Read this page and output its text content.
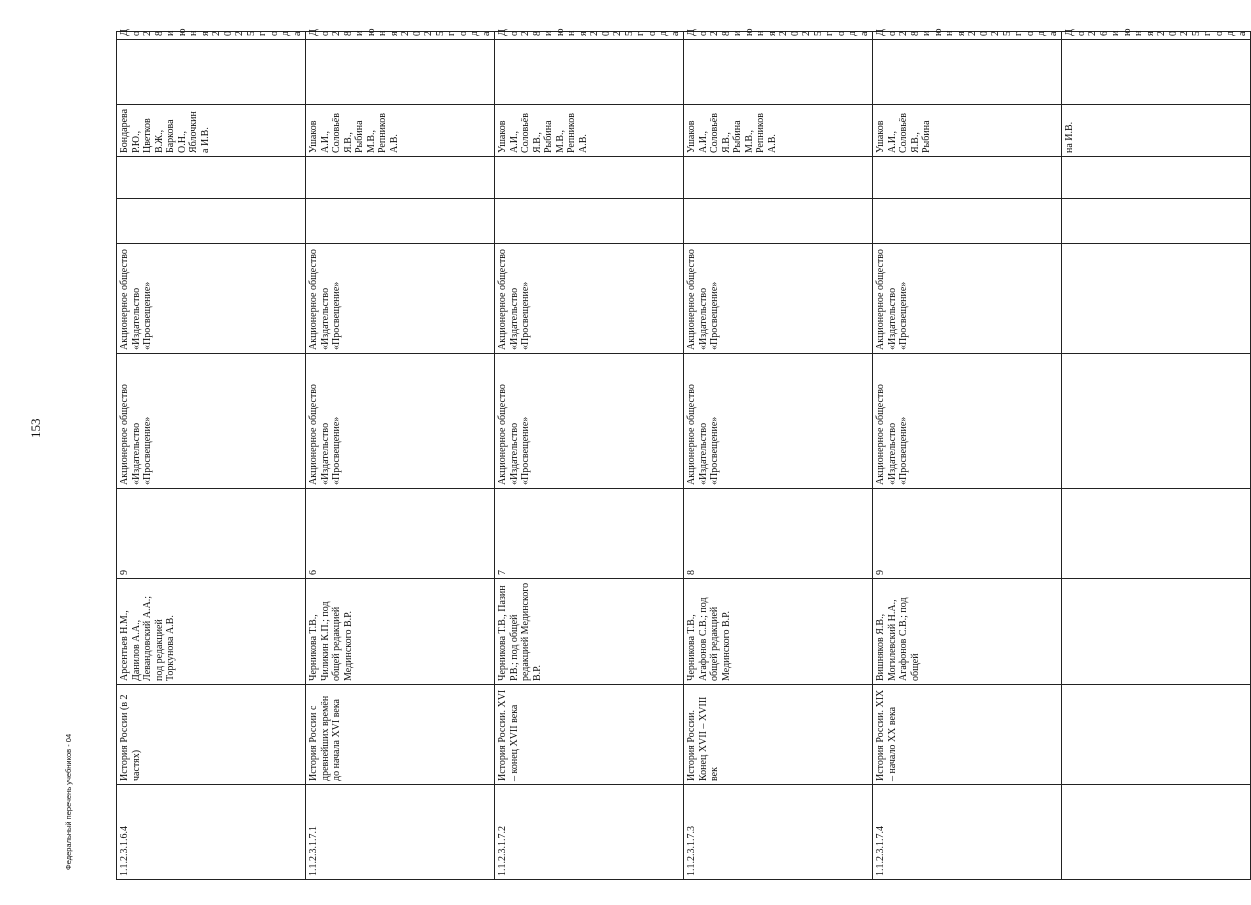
153
Федеральный перечень учебников - 04	1.1.2.3.1.6.4	История России (в 2 частях)	Арсентьев Н.М., Данилов А.А., Левандовский А.А.; под редакцией Торкунова А.В.	9	Акционерное общество «Издательство «Просвещение»	Акционерное общество «Издательство «Просвещение»			Бондарева Р.Ю., Цветков В.Ж., Баркова О.Н., Яблочкина И.В.		До 28 июня 2025 года
1.1.2.3.1.7.1	История России с древнейших времён до начала XVI века	Черникова Т.В., Чиликин К.П.; под общей редакцией Мединского В.Р.	6	Акционерное общество «Издательство «Просвещение»	Акционерное общество «Издательство «Просвещение»			Ушаков А.И., Соловьёв Я.В., Рыбина М.В., Репников А.В.		До 28 июня 2025 года
1.1.2.3.1.7.2	История России. XVI – конец XVII века	Черникова Т.В., Пазин Р.В.; под общей редакцией Мединского В.Р.	7	Акционерное общество «Издательство «Просвещение»	Акционерное общество «Издательство «Просвещение»			Ушаков А.И., Соловьёв Я.В., Рыбина М.В., Репников А.В.		До 28 июня 2025 года
1.1.2.3.1.7.3	История России. Конец XVII – XVIII век	Черникова Т.В., Агафонов С.В.; под общей редакцией Мединского В.Р.	8	Акционерное общество «Издательство «Просвещение»	Акционерное общество «Издательство «Просвещение»			Ушаков А.И., Соловьёв Я.В., Рыбина М.В., Репников А.В.		До 28 июня 2025 года
1.1.2.3.1.7.4	История России. XIX – начало XX века	Вишняков Я.В., Могилевский Н.А., Агафонов С.В.; под общей	9	Акционерное общество «Издательство «Просвещение»	Акционерное общество «Издательство «Просвещение»			Ушаков А.И., Соловьёв Я.В., Рыбина		До 28 июня 2025 года
								на И.В.		До 26 июня 2025 года
